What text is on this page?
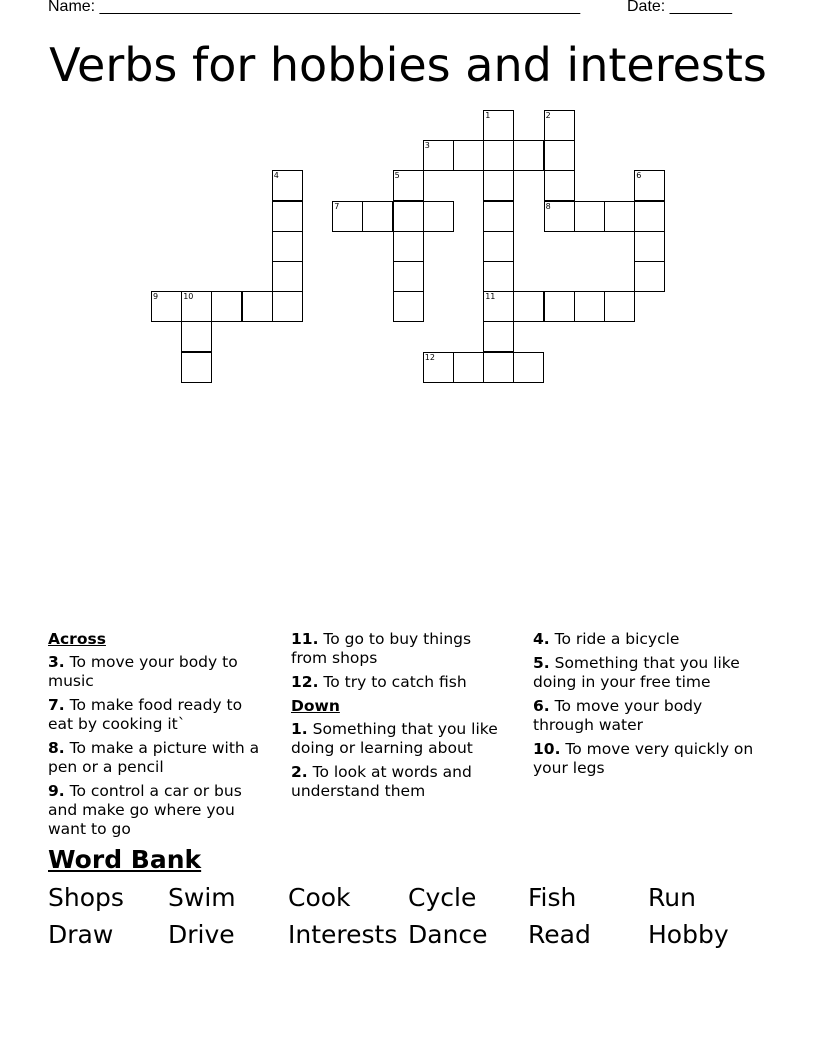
Name: ______________________________________________________	Date: _______
Verbs for hobbies and interests
1	2
3
4	5	6
7	8
9	10	11
12
Across
3. To move your body to music
7. To make food ready to eat by cooking it`
8. To make a picture with a pen or a pencil
9. To control a car or bus and make go where you want to go
11. To go to buy things from shops
12. To try to catch fish
Down
1. Something that you like doing or learning about
2. To look at words and understand them
4. To ride a bicycle
5. Something that you like doing in your free time
6. To move your body through water
10. To move very quickly on your legs
Word Bank
Shops Swim Cook Cycle Fish	Run
Draw Drive Interests Dance Read Hobby
